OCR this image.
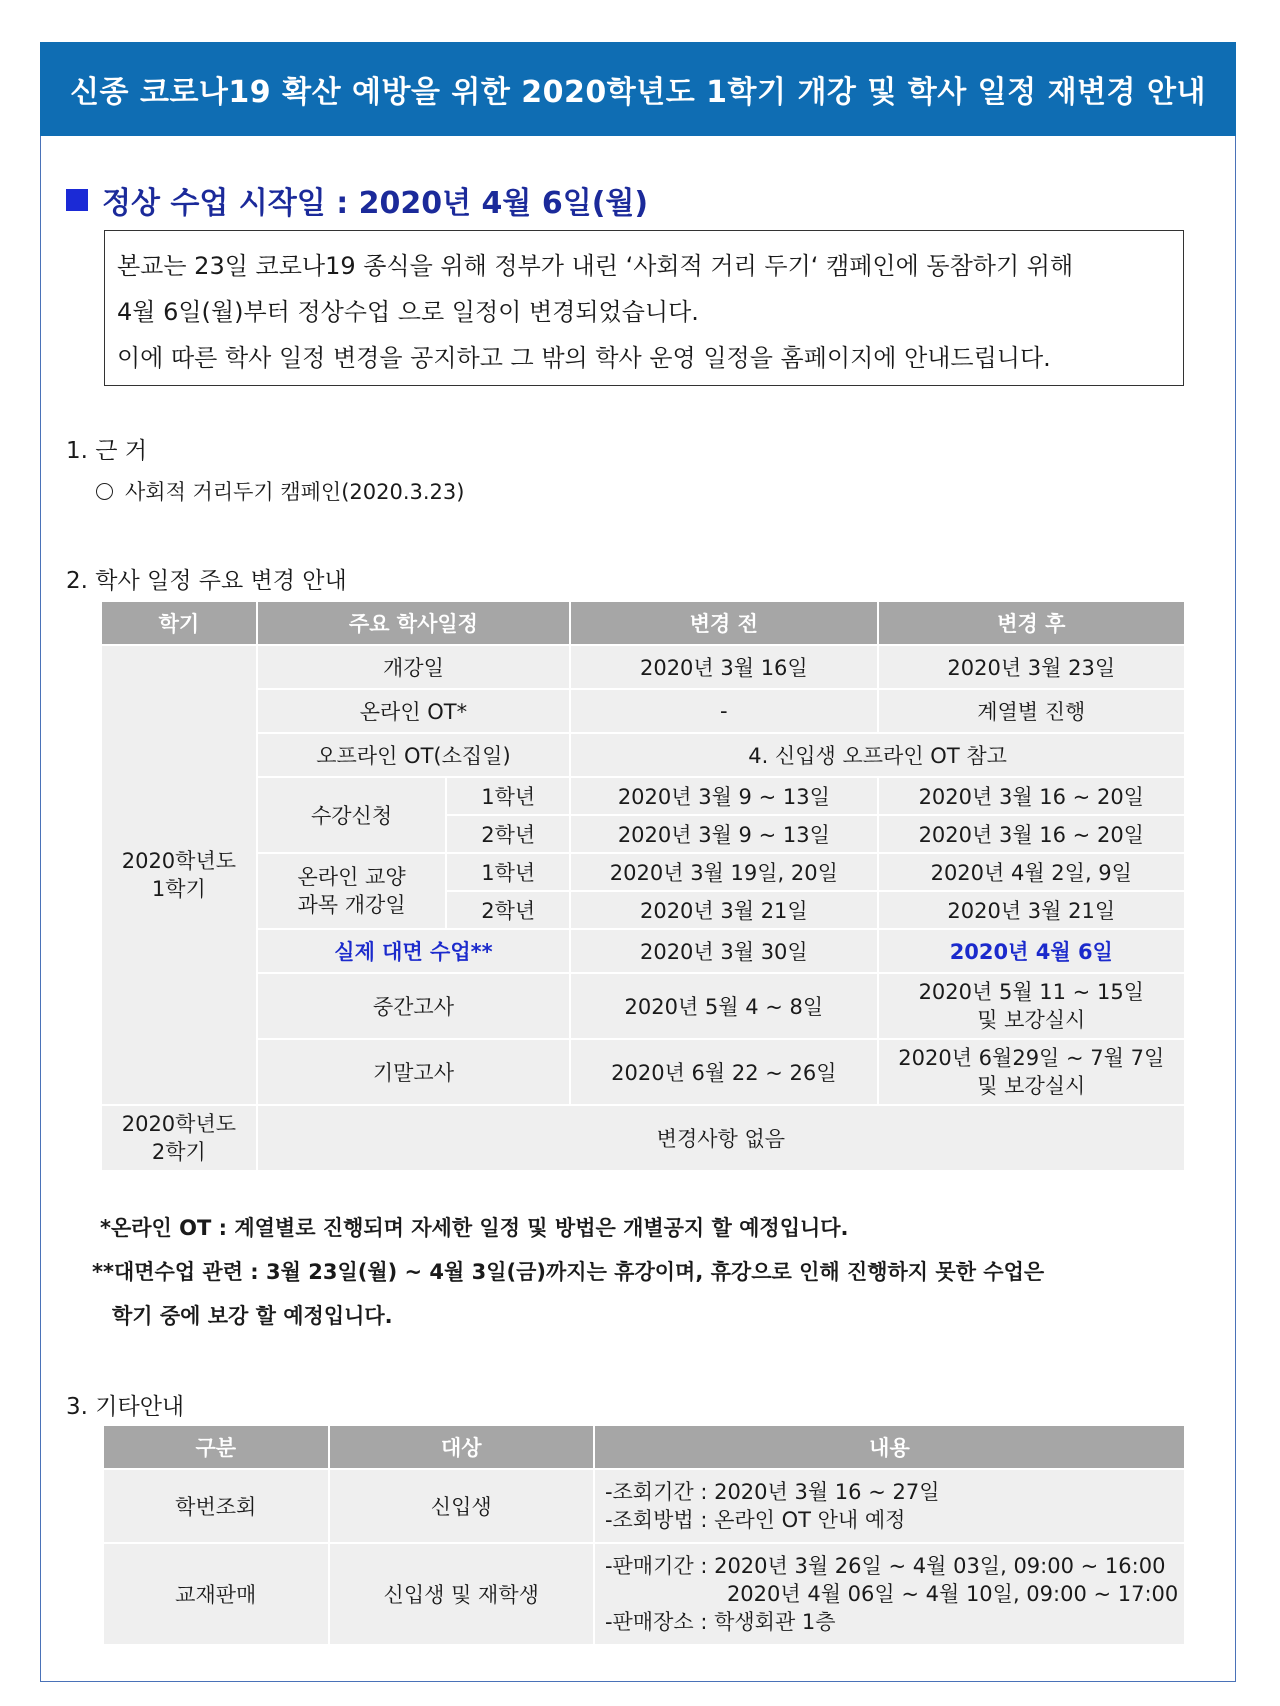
신종 코로나19 확산 예방을 위한 2020학년도 1학기 개강 및 학사 일정 재변경 안내
정상 수업 시작일 : 2020년 4월 6일(월)
본교는 23일 코로나19 종식을 위해 정부가 내린 ‘사회적 거리 두기‘ 캠페인에 동참하기 위해
4월 6일(월)부터 정상수업 으로 일정이 변경되었습니다.
이에 따른 학사 일정 변경을 공지하고 그 밖의 학사 운영 일정을 홈페이지에 안내드립니다.
1. 근 거
사회적 거리두기 캠페인(2020.3.23)
2. 학사 일정 주요 변경 안내
학기	주요 학사일정		변경 전	변경 후
2020학년도
1학기	개강일		2020년 3월 16일	2020년 3월 23일
	온라인 OT*		-	계열별 진행
	오프라인 OT(소집일)		4. 신입생 오프라인 OT 참고	
	수강신청	1학년	2020년 3월 9 ~ 13일	2020년 3월 16 ~ 20일
		2학년	2020년 3월 9 ~ 13일	2020년 3월 16 ~ 20일
	온라인 교양
과목 개강일	1학년	2020년 3월 19일, 20일	2020년 4월 2일, 9일
		2학년	2020년 3월 21일	2020년 3월 21일
	실제 대면 수업**		2020년 3월 30일	2020년 4월 6일
	중간고사		2020년 5월 4 ~ 8일	2020년 5월 11 ~ 15일
및 보강실시
	기말고사		2020년 6월 22 ~ 26일	2020년 6월29일 ~ 7월 7일
및 보강실시
2020학년도
2학기	변경사항 없음			
*온라인 OT : 계열별로 진행되며 자세한 일정 및 방법은 개별공지 할 예정입니다.
**대면수업 관련 : 3월 23일(월) ~ 4월 3일(금)까지는 휴강이며, 휴강으로 인해 진행하지 못한 수업은
학기 중에 보강 할 예정입니다.
3. 기타안내
구분	대상	내용
학번조회	신입생	-조회기간 : 2020년 3월 16 ~ 27일
-조회방법 : 온라인 OT 안내 예정

교재판매	신입생 및 재학생	-판매기간 : 2020년 3월 26일 ~ 4월 03일, 09:00 ~ 16:00
2020년 4월 06일 ~ 4월 10일, 09:00 ~ 17:00
-판매장소 : 학생회관 1층
